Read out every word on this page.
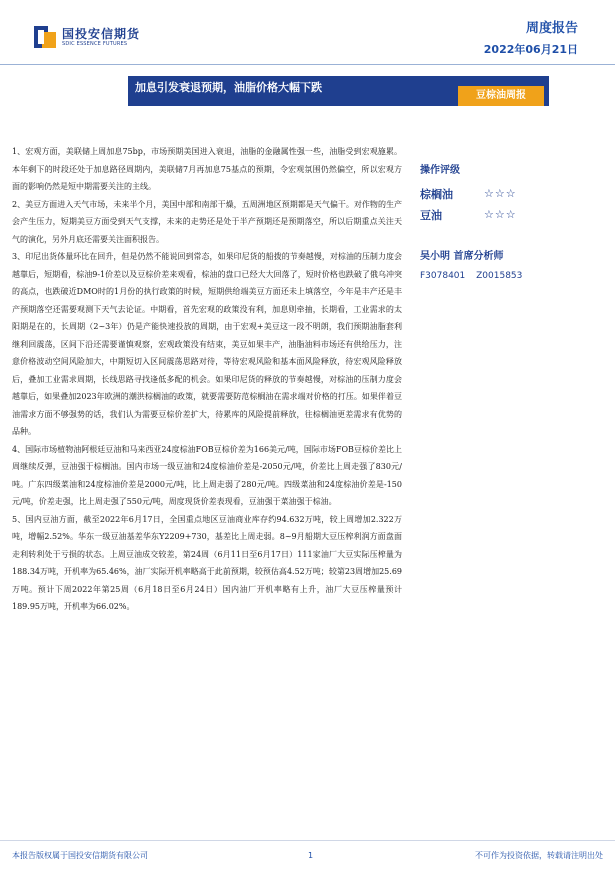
国投安信期货
SDIC ESSENCE FUTURES
周度报告
2022年06月21日
加息引发衰退预期，油脂价格大幅下跌
豆棕油周报

1、宏观方面，美联储上周加息75bp，市场预期美国进入衰退，油脂的金融属性强一些，油脂受到宏观施累。本年剩下的时段还处于加息路径周期内，美联储7月再加息75基点的预期，令宏观氛围仍然偏空，所以宏观方面的影响仍然是短中期需要关注的主线。

2、美豆方面进入天气市场，未来半个月，美国中部和南部干燥，五周洲地区预期都是天气偏干。对作物的生产会产生压力，短期美豆方面受到天气支撑，未来的走势还是处于半产预期还是预期落空，所以后期重点关注天气的演化，另外月底还需要关注面积报告。

3、印尼出货体量环比在回升，但是仍然不能说回到常态，如果印尼货的船拨的节奏越慢，对棕油的压制力度会越靠后，短期看，棕油9-1价差以及豆棕价差来观看，棕油的盘口已经大大回落了，短时价格也跌破了俄乌冲突的高点，也跌破近DMO时的1月份的执行政策的时候，短期供给端美豆方面还未上填落空，今年是丰产还是丰产预期落空还需要观测下天气去论证。中期看，首先宏观的政策没有利，加息则牵抽，长期看，工业需求的太阳期是在的，长周期（2~3年）仍是产能快速投放的周期，由于宏观+美豆这一段不明朗，我们预期油脂套利继利回震荡，区间下沿还需要谨慎观察，宏观政策没有结束，美豆如果丰产，油脂油料市场还有供给压力，注意价格波动空间风险加大，中期短切入区间震荡思路对待，等待宏观风险和基本面风险释放，待宏观风险释放后，叠加工业需求周期，长线思路寻找逢低多配的机会。如果印尼货的释放的节奏越慢，对棕油的压制力度会越靠后，如果叠加2023年欧洲的潮洪棕榈油的政策，就要需要防范棕榈油在需求端对价格的打压。如果伴着豆油需求方面不够强势的话，我们认为需要豆棕价差扩大，待累库的风险提前释放，往棕榈油更差需求有优势的品种。

4、国际市场植物油阿根廷豆油和马来西亚24度棕油FOB豆棕价差为166美元/吨，国际市场FOB豆棕价差比上周继续反弹，豆油强于棕榈油。国内市场一级豆油和24度棕油价差是-2050元/吨，价差比上周走强了830元/吨。广东四级菜油和24度棕油价差是2000元/吨，比上周走弱了280元/吨。四级菜油和24度棕油价差是-150元/吨，价差走强，比上周走强了550元/吨，周度现货价差表现看，豆油强于菜油强于棕油。

5、国内豆油方面，截至2022年6月17日，全国重点地区豆油商业库存约94.632万吨，较上周增加2.322万吨，增幅2.52%。华东一级豆油基差华东Y2209+730，基差比上周走弱。8~9月船期大豆压榨利润方面盘面走利转利处于亏损的状态。上周豆油成交较差，第24周（6月11日至6月17日）111家油厂大豆实际压榨量为188.34万吨，开机率为65.46%，油厂实际开机率略高于此前预期，较预估高4.52万吨；较第23周增加25.69万吨。预计下周2022年第25周（6月18日至6月24日）国内油厂开机率略有上升，油厂大豆压榨量预计189.95万吨，开机率为66.02%。

操作评级
棕榈油	☆☆☆
豆油	☆☆☆
吴小明 首席分析师
F3078401 Z0015853
本报告版权属于国投安信期货有限公司	1	不可作为投资依据，转载请注明出处
